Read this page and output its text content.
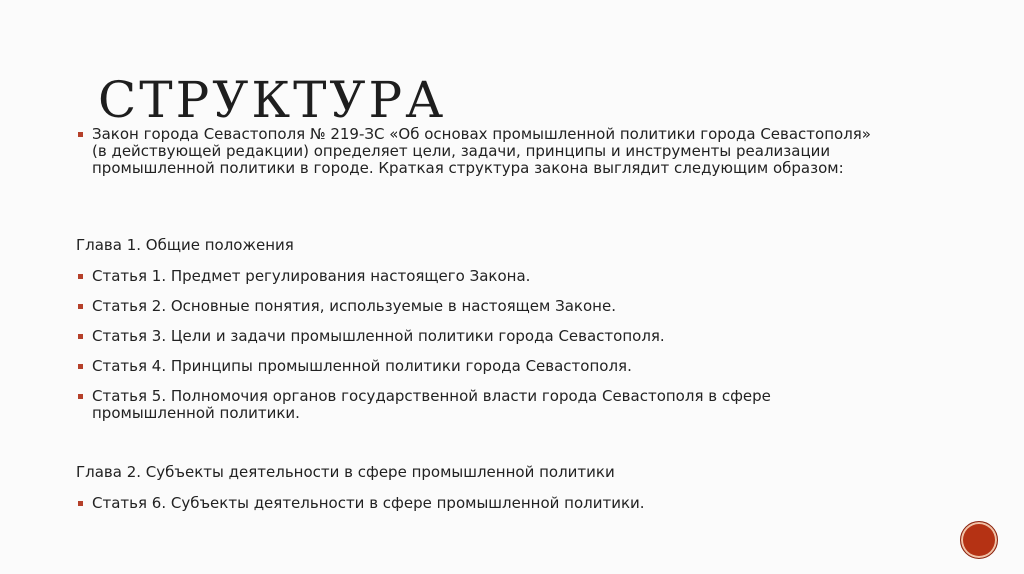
СТРУКТУРА
Закон города Севастополя № 219-ЗС «Об основах промышленной политики города Севастополя» (в действующей редакции) определяет цели, задачи, принципы и инструменты реализации промышленной политики в городе. Краткая структура закона выглядит следующим образом:
Глава 1. Общие положения
Статья 1. Предмет регулирования настоящего Закона.
Статья 2. Основные понятия, используемые в настоящем Законе.
Статья 3. Цели и задачи промышленной политики города Севастополя.
Статья 4. Принципы промышленной политики города Севастополя.
Статья 5. Полномочия органов государственной власти города Севастополя в сфере промышленной политики.
Глава 2. Субъекты деятельности в сфере промышленной политики
Статья 6. Субъекты деятельности в сфере промышленной политики.
